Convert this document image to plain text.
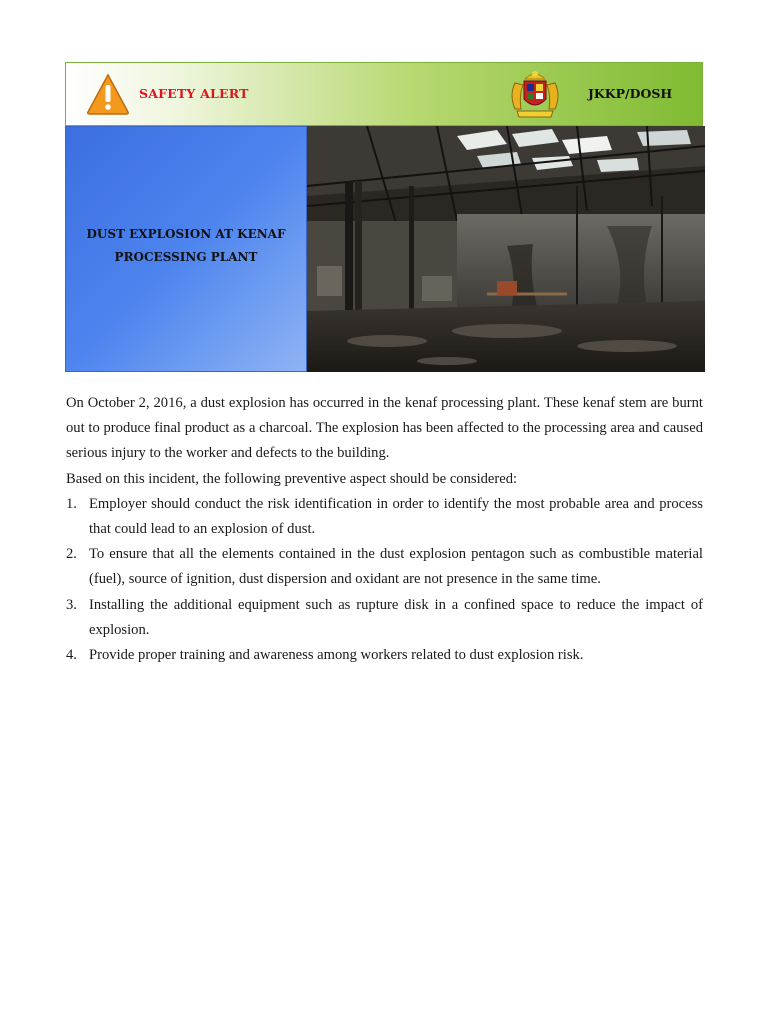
SAFETY ALERT	JKKP/DOSH
DUST EXPLOSION AT KENAF
PROCESSING PLANT

On October 2, 2016, a dust explosion has occurred in the kenaf processing plant. These kenaf stem are burnt out to produce final product as a charcoal. The explosion has been affected to the processing area and caused serious injury to the worker and defects to the building.

Based on this incident, the following preventive aspect should be considered:

1. Employer should conduct the risk identification in order to identify the most probable area and process that could lead to an explosion of dust.
2. To ensure that all the elements contained in the dust explosion pentagon such as combustible material (fuel), source of ignition, dust dispersion and oxidant are not presence in the same time.
3. Installing the additional equipment such as rupture disk in a confined space to reduce the impact of explosion.
4. Provide proper training and awareness among workers related to dust explosion risk.
